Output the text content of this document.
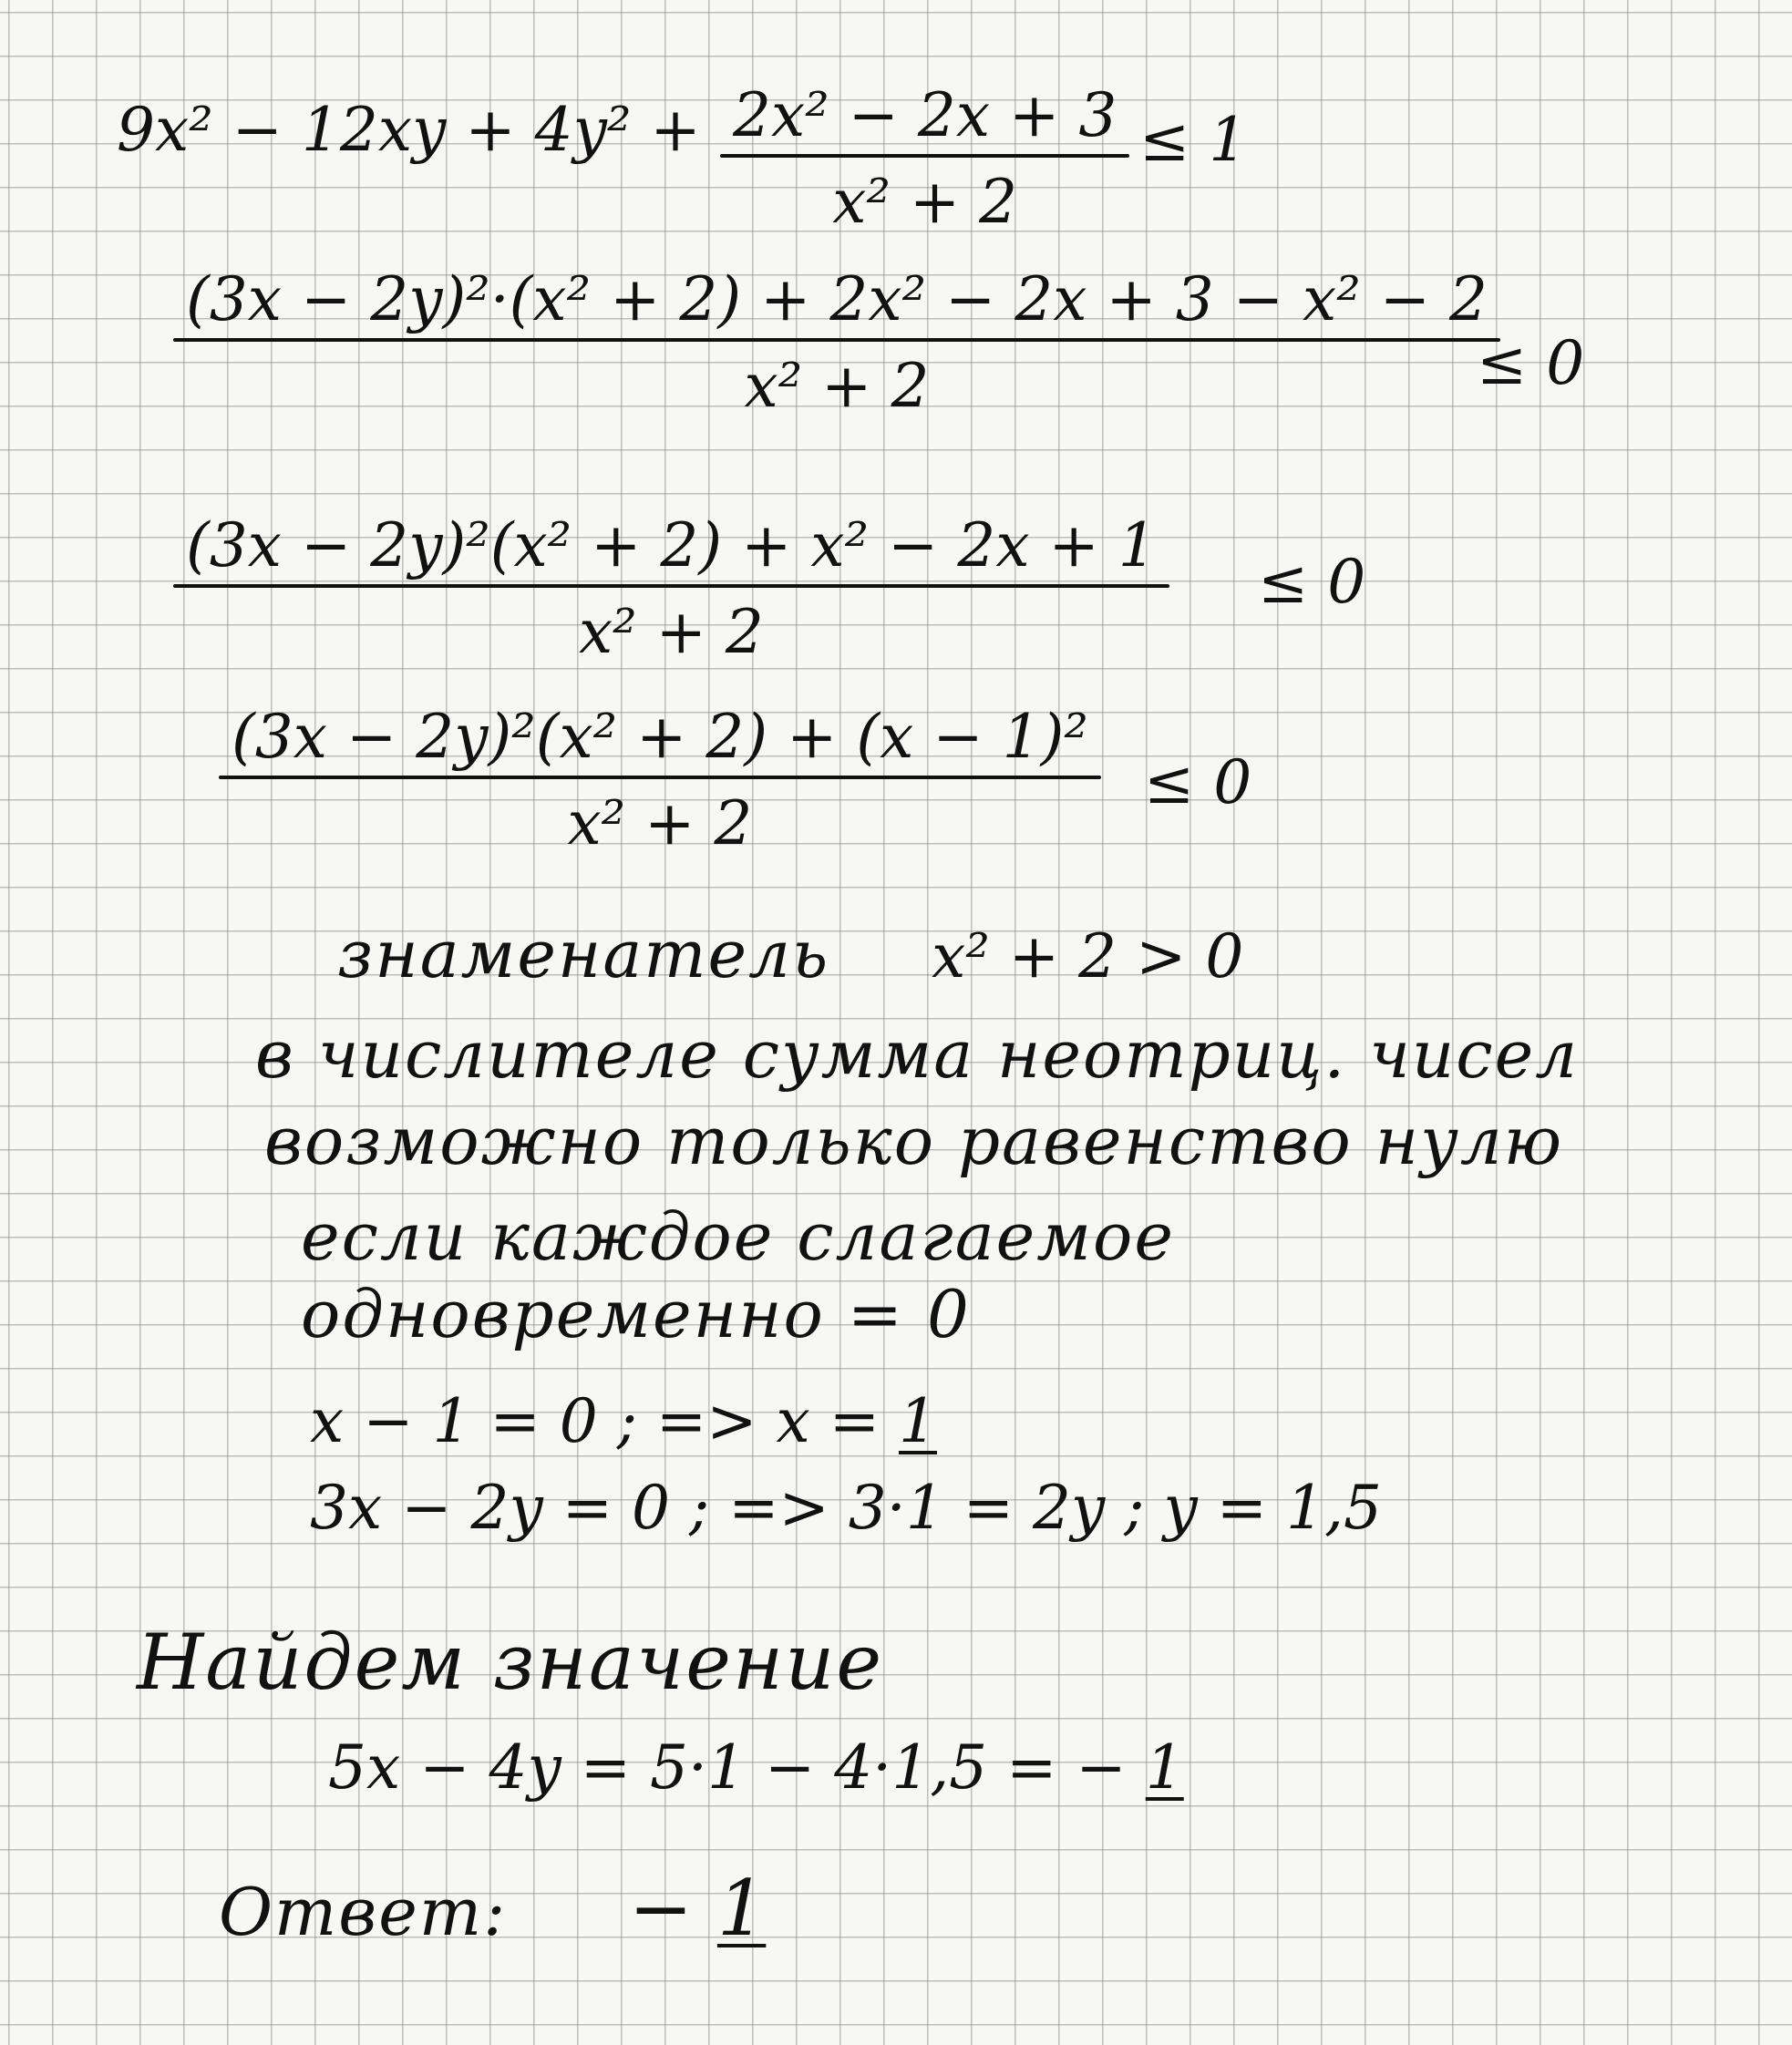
9x² − 12xy + 4y² + 2x² − 2x + 3
x² + 2
≤ 1
(3x − 2y)²·(x² + 2) + 2x² − 2x + 3 − x² − 2
x² + 2	≤ 0
(3x − 2y)²(x² + 2) + x² − 2x + 1
x² + 2
≤ 0
(3x − 2y)²(x² + 2) + (x − 1)²
x² + 2
≤ 0
знаменатель x² + 2 > 0
в числителе сумма неотриц. чисел
возможно только равенство нулю
если каждое слагаемое
одновременно = 0
x − 1 = 0 ; => x = 1
3x − 2y = 0 ; => 3·1 = 2y ; y = 1,5
Найдем значение
5x − 4y = 5·1 − 4·1,5 = − 1
Ответ: − 1
